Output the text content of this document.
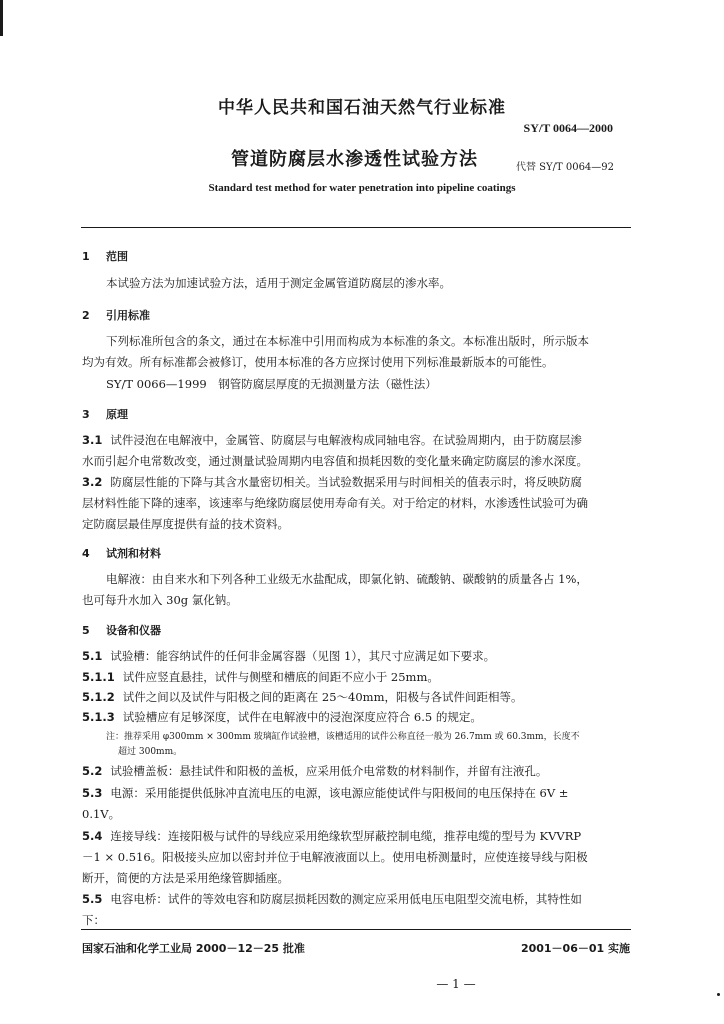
中华人民共和国石油天然气行业标准
SY/T 0064—2000
管道防腐层水渗透性试验方法	代替 SY/T 0064—92
Standard test method for water penetration into pipeline coatings
1 范围
本试验方法为加速试验方法，适用于测定金属管道防腐层的渗水率。
2 引用标准
下列标准所包含的条文，通过在本标准中引用而构成为本标准的条文。本标准出版时，所示版本
均为有效。所有标准都会被修订，使用本标准的各方应探讨使用下列标准最新版本的可能性。
SY/T 0066—1999　钢管防腐层厚度的无损测量方法（磁性法）
3 原理
3.1 试件浸泡在电解液中，金属管、防腐层与电解液构成同轴电容。在试验周期内，由于防腐层渗
水而引起介电常数改变，通过测量试验周期内电容值和损耗因数的变化量来确定防腐层的渗水深度。
3.2 防腐层性能的下降与其含水量密切相关。当试验数据采用与时间相关的值表示时，将反映防腐
层材料性能下降的速率，该速率与绝缘防腐层使用寿命有关。对于给定的材料，水渗透性试验可为确
定防腐层最佳厚度提供有益的技术资料。
4 试剂和材料
电解液：由自来水和下列各种工业级无水盐配成，即氯化钠、硫酸钠、碳酸钠的质量各占 1%，
也可每升水加入 30g 氯化钠。
5 设备和仪器
5.1 试验槽：能容纳试件的任何非金属容器（见图 1），其尺寸应满足如下要求。
5.1.1 试件应竖直悬挂，试件与侧壁和槽底的间距不应小于 25mm。
5.1.2 试件之间以及试件与阳极之间的距离在 25～40mm，阳极与各试件间距相等。
5.1.3 试验槽应有足够深度，试件在电解液中的浸泡深度应符合 6.5 的规定。
注：推荐采用 φ300mm × 300mm 玻璃缸作试验槽，该槽适用的试件公称直径一般为 26.7mm 或 60.3mm，长度不
超过 300mm。
5.2 试验槽盖板：悬挂试件和阳极的盖板，应采用低介电常数的材料制作，并留有注液孔。
5.3 电源：采用能提供低脉冲直流电压的电源，该电源应能使试件与阳极间的电压保持在 6V ±
0.1V。
5.4 连接导线：连接阳极与试件的导线应采用绝缘软型屏蔽控制电缆，推荐电缆的型号为 KVVRP
－1 × 0.516。阳极接头应加以密封并位于电解液液面以上。使用电桥测量时，应使连接导线与阳极
断开，简便的方法是采用绝缘管脚插座。
5.5 电容电桥：试件的等效电容和防腐层损耗因数的测定应采用低电压电阻型交流电桥，其特性如
下：
国家石油和化学工业局 2000－12－25 批准	2001－06－01 实施
— 1 —
